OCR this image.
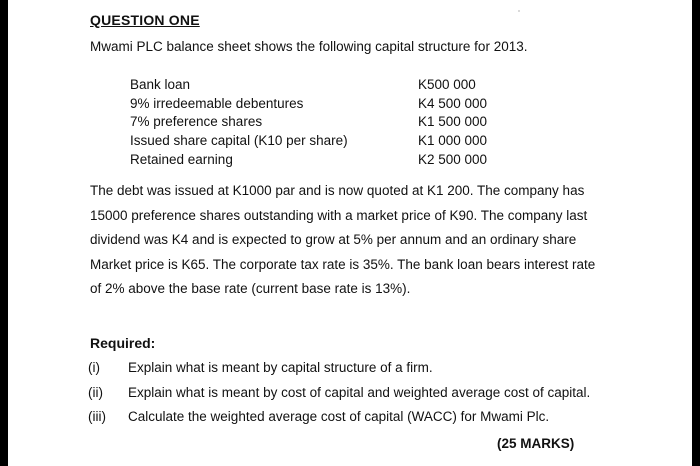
QUESTION ONE
Mwami PLC balance sheet shows the following capital structure for 2013.
Bank loan	K500 000
9% irredeemable debentures	K4 500 000
7% preference shares	K1 500 000
Issued share capital (K10 per share)	K1 000 000
Retained earning	K2 500 000
The debt was issued at K1000 par and is now quoted at K1 200. The company has
15000 preference shares outstanding with a market price of K90. The company last
dividend was K4 and is expected to grow at 5% per annum and an ordinary share
Market price is K65. The corporate tax rate is 35%. The bank loan bears interest rate
of 2% above the base rate (current base rate is 13%).
Required:
(i) Explain what is meant by capital structure of a firm.
(ii) Explain what is meant by cost of capital and weighted average cost of capital.
(iii) Calculate the weighted average cost of capital (WACC) for Mwami Plc.
(25 MARKS)
